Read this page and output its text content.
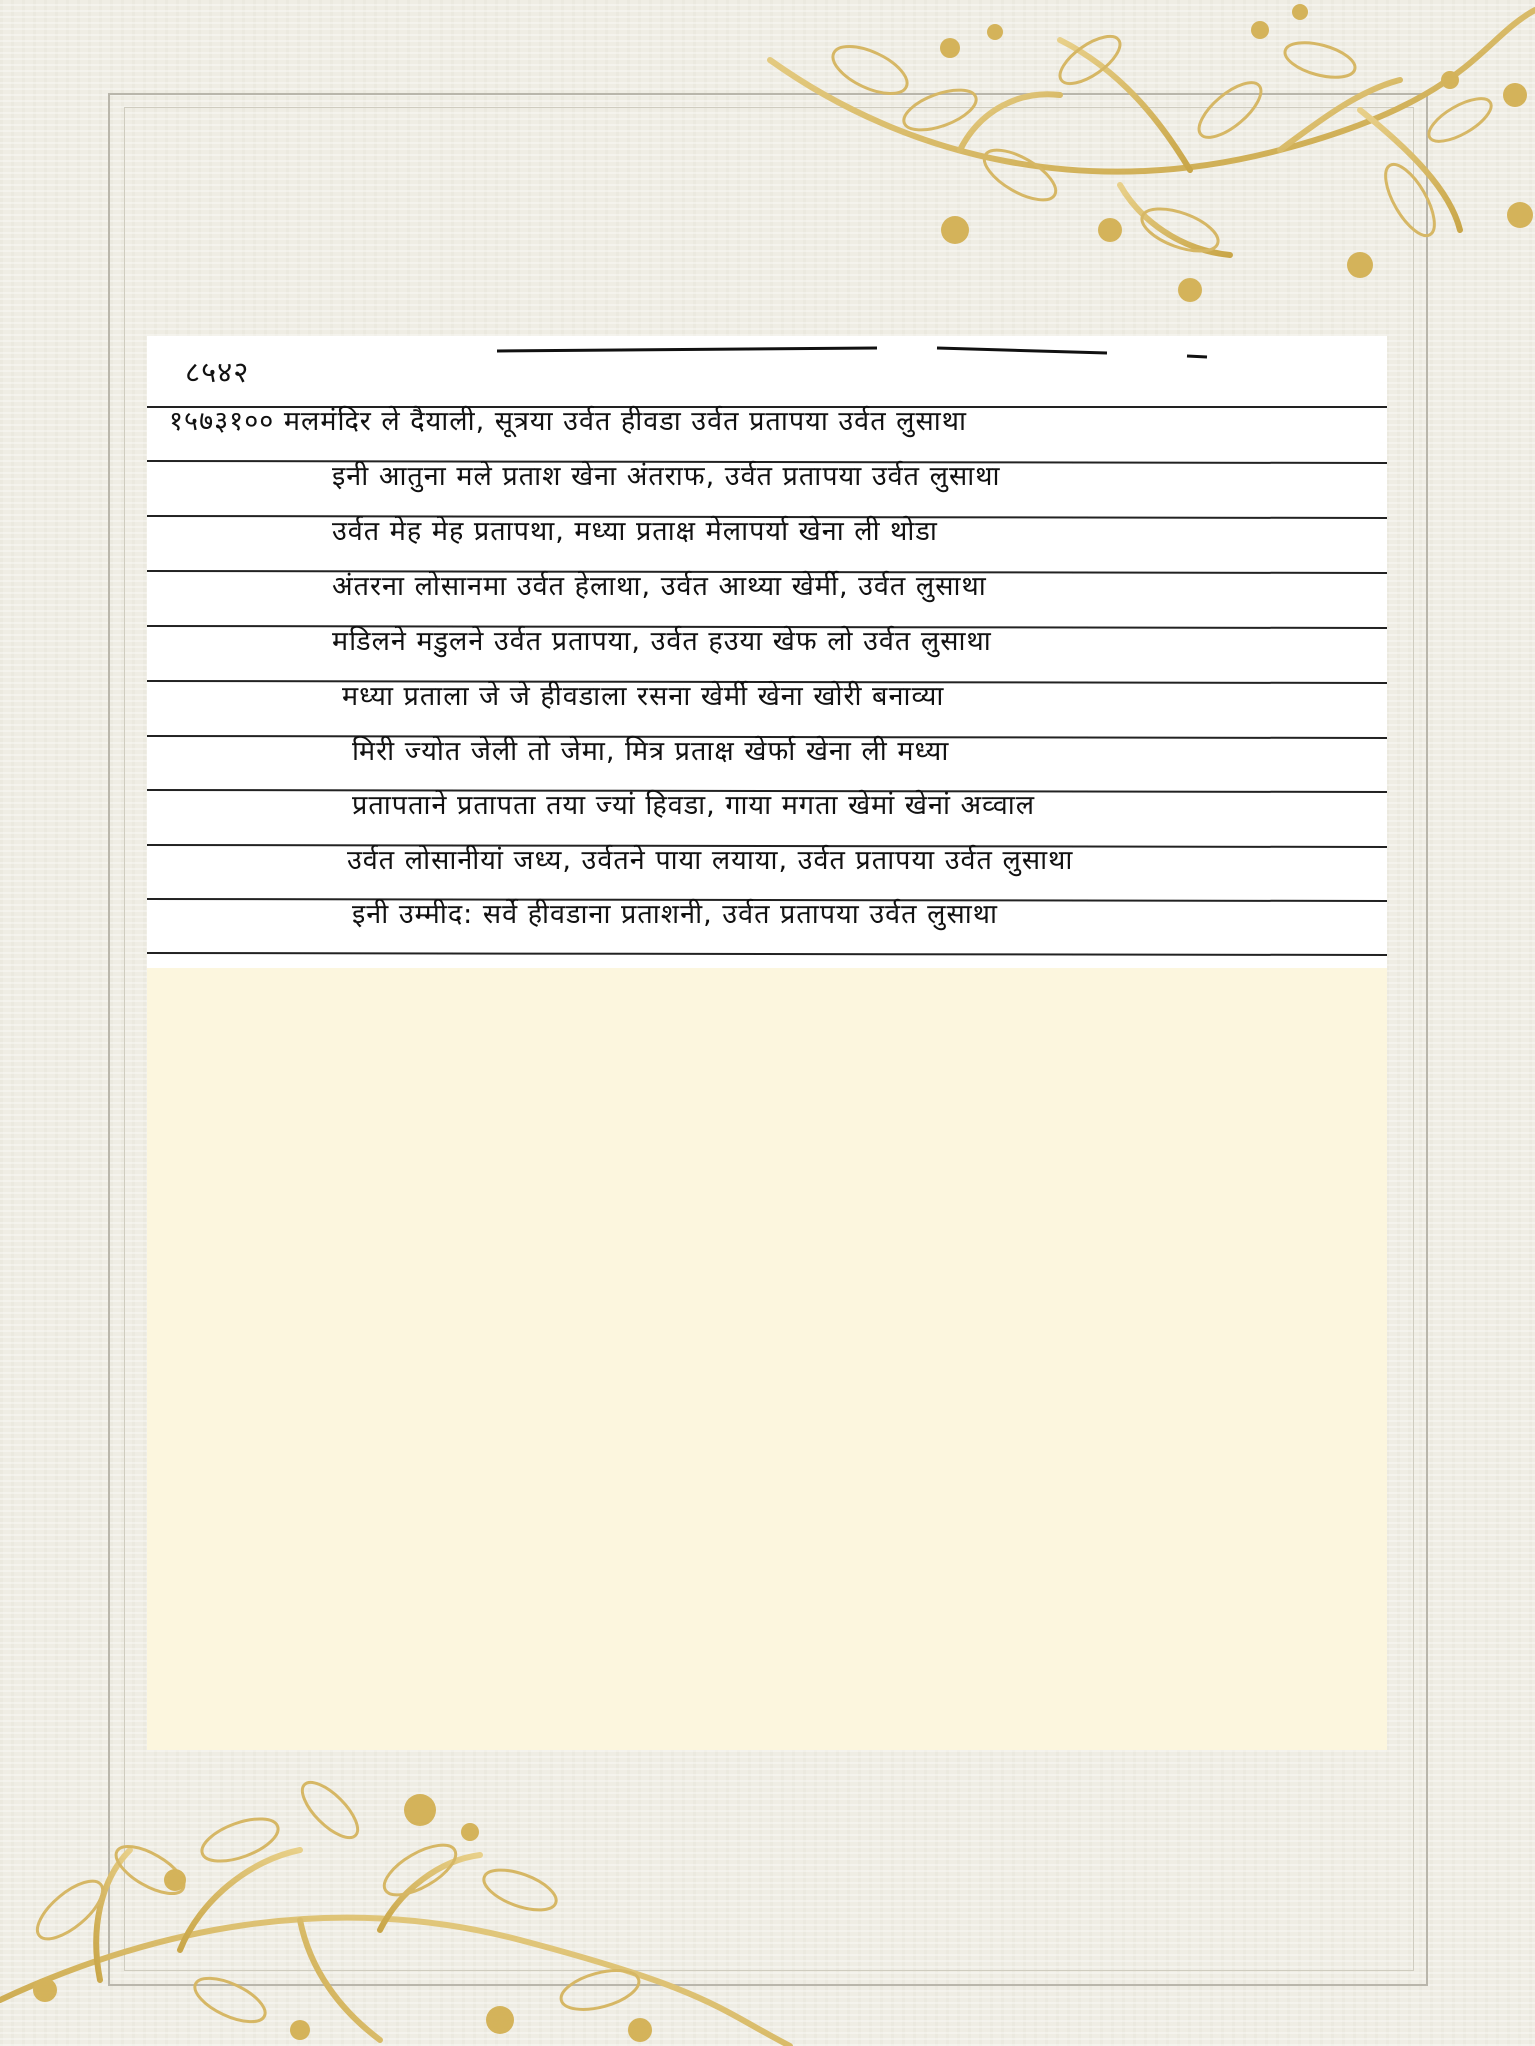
८५४२
१५७३१०० मलमंदिर ले दैयाली, सूत्रया उर्वत हीवडा उर्वत प्रतापया उर्वत लुसाथा
इनी आतुना मले प्रताश खेना अंतराफ, उर्वत प्रतापया उर्वत लुसाथा
उर्वत मेह मेह प्रतापथा, मध्या प्रताक्ष मेलापर्या खेना ली थोडा
अंतरना लोसानमा उर्वत हेलाथा, उर्वत आथ्या खेर्मी, उर्वत लुसाथा
मडिलने मडुलने उर्वत प्रतापया, उर्वत हउया खेफ लो उर्वत लुसाथा
मध्या प्रताला जे जे हीवडाला रसना खेर्मी खेना खोरी बनाव्या
मिरी ज्योत जेली तो जेमा, मित्र प्रताक्ष खेर्फा खेना ली मध्या
प्रतापताने प्रतापता तया ज्यां हिवडा, गाया मगता खेमां खेनां अव्वाल
उर्वत लोसानीयां जध्य, उर्वतने पाया लयाया, उर्वत प्रतापया उर्वत लुसाथा
इनी उम्मीद: सर्वे हीवडाना प्रताशनी, उर्वत प्रतापया उर्वत लुसाथा
